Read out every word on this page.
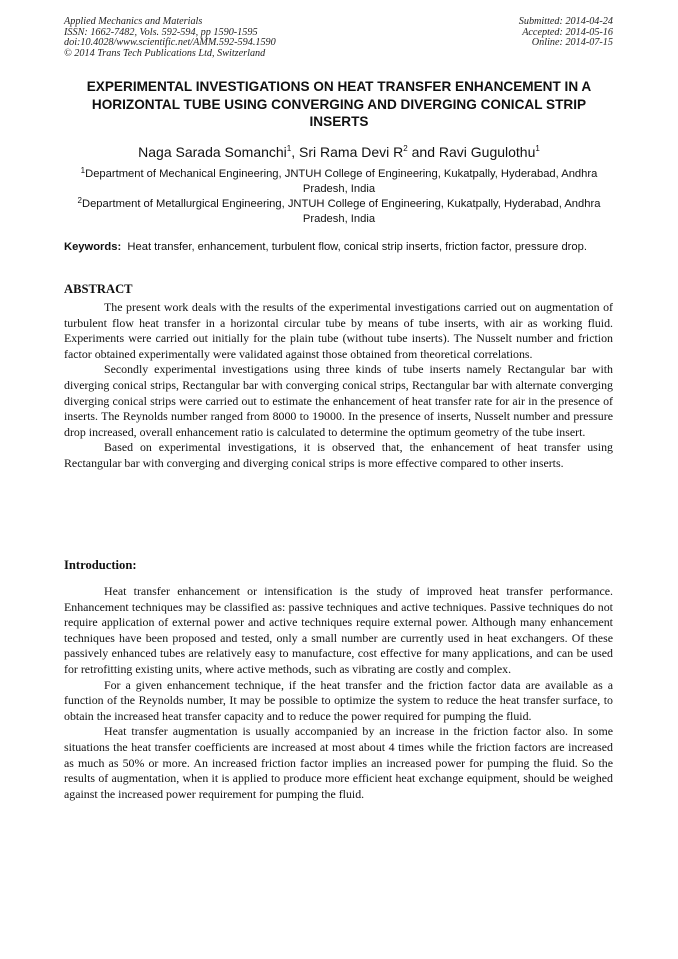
Applied Mechanics and Materials
ISSN: 1662-7482, Vols. 592-594, pp 1590-1595
doi:10.4028/www.scientific.net/AMM.592-594.1590
© 2014 Trans Tech Publications Ltd, Switzerland
Submitted: 2014-04-24
Accepted: 2014-05-16
Online: 2014-07-15
EXPERIMENTAL INVESTIGATIONS ON HEAT TRANSFER ENHANCEMENT IN A HORIZONTAL TUBE USING CONVERGING AND DIVERGING CONICAL STRIP INSERTS
Naga Sarada Somanchi$^1$, Sri Rama Devi $R^2$ and Ravi Gugulothu$^1$
$^1$Department of Mechanical Engineering, JNTUH College of Engineering, Kukatpally, Hyderabad, Andhra Pradesh, India
$^2$Department of Metallurgical Engineering, JNTUH College of Engineering, Kukatpally, Hyderabad, Andhra Pradesh, India
Keywords: Heat transfer, enhancement, turbulent flow, conical strip inserts, friction factor, pressure drop.
ABSTRACT

The present work deals with the results of the experimental investigations carried out on augmentation of turbulent flow heat transfer in a horizontal circular tube by means of tube inserts, with air as working fluid. Experiments were carried out initially for the plain tube (without tube inserts). The Nusselt number and friction factor obtained experimentally were validated against those obtained from theoretical correlations.

Secondly experimental investigations using three kinds of tube inserts namely Rectangular bar with diverging conical strips, Rectangular bar with converging conical strips, Rectangular bar with alternate converging diverging conical strips were carried out to estimate the enhancement of heat transfer rate for air in the presence of inserts. The Reynolds number ranged from 8000 to 19000. In the presence of inserts, Nusselt number and pressure drop increased, overall enhancement ratio is calculated to determine the optimum geometry of the tube insert.

Based on experimental investigations, it is observed that, the enhancement of heat transfer using Rectangular bar with converging and diverging conical strips is more effective compared to other inserts.

Introduction:

Heat transfer enhancement or intensification is the study of improved heat transfer performance. Enhancement techniques may be classified as: passive techniques and active techniques. Passive techniques do not require application of external power and active techniques require external power. Although many enhancement techniques have been proposed and tested, only a small number are currently used in heat exchangers. Of these passively enhanced tubes are relatively easy to manufacture, cost effective for many applications, and can be used for retrofitting existing units, where active methods, such as vibrating are costly and complex.

For a given enhancement technique, if the heat transfer and the friction factor data are available as a function of the Reynolds number, It may be possible to optimize the system to reduce the heat transfer surface, to obtain the increased heat transfer capacity and to reduce the power required for pumping the fluid.

Heat transfer augmentation is usually accompanied by an increase in the friction factor also. In some situations the heat transfer coefficients are increased at most about 4 times while the friction factors are increased as much as 50% or more. An increased friction factor implies an increased power for pumping the fluid. So the results of augmentation, when it is applied to produce more efficient heat exchange equipment, should be weighed against the increased power requirement for pumping the fluid.
